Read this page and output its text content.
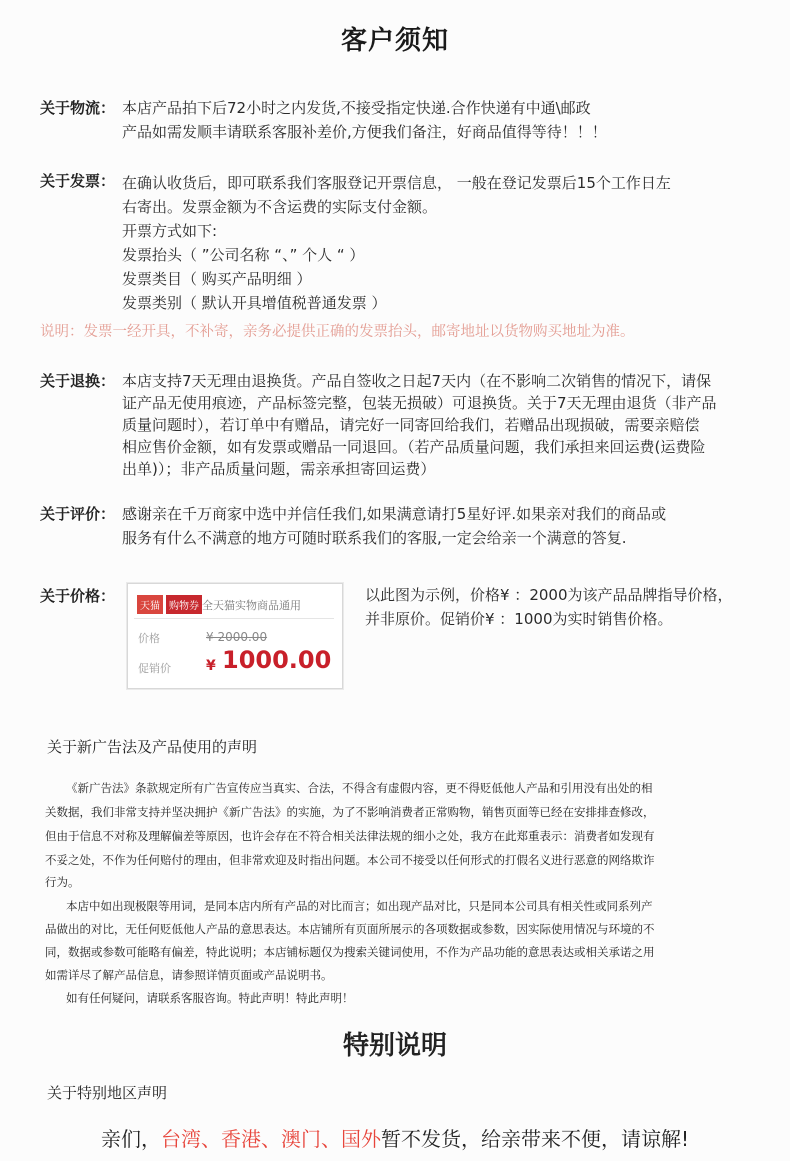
客户须知
关于物流： 本店产品拍下后72小时之内发货,不接受指定快递.合作快递有中通\邮政
产品如需发顺丰请联系客服补差价,方便我们备注，好商品值得等待！！！
关于发票： 在确认收货后，即可联系我们客服登记开票信息， 一般在登记发票后15个工作日左
右寄出。发票金额为不含运费的实际支付金额。
开票方式如下:
发票抬头（ ”公司名称 “、” 个人 “ ）
发票类目（ 购买产品明细 ）
发票类别（ 默认开具增值税普通发票 ）
说明：发票一经开具，不补寄，亲务必提供正确的发票抬头，邮寄地址以货物购买地址为准。
关于退换： 本店支持7天无理由退换货。产品自签收之日起7天内（在不影响二次销售的情况下，请保
证产品无使用痕迹，产品标签完整，包装无损破）可退换货。关于7天无理由退货（非产品
质量问题时），若订单中有赠品，请完好一同寄回给我们，若赠品出现损破，需要亲赔偿
相应售价金额，如有发票或赠品一同退回。（若产品质量问题，我们承担来回运费(运费险
出单)）；非产品质量问题，需亲承担寄回运费）
关于评价： 感谢亲在千万商家中选中并信任我们,如果满意请打5星好评.如果亲对我们的商品或
服务有什么不满意的地方可随时联系我们的客服,一定会给亲一个满意的答复.
关于价格：
天猫 购物券 全天猫实物商品通用
价格	¥ 2000.00
促销价	¥ 1000.00
以此图为示例，价格¥ ：2000为该产品品牌指导价格，
并非原价。促销价¥ ：1000为实时销售价格。
关于新广告法及产品使用的声明
《新广告法》条款规定所有广告宣传应当真实、合法，不得含有虚假内容，更不得贬低他人产品和引用没有出处的相
关数据，我们非常支持并坚决拥护《新广告法》的实施，为了不影响消费者正常购物，销售页面等已经在安排排查修改，
但由于信息不对称及理解偏差等原因，也许会存在不符合相关法律法规的细小之处，我方在此郑重表示：消费者如发现有
不妥之处，不作为任何赔付的理由，但非常欢迎及时指出问题。本公司不接受以任何形式的打假名义进行恶意的网络欺诈
行为。
本店中如出现极限等用词，是同本店内所有产品的对比而言；如出现产品对比，只是同本公司具有相关性或同系列产
品做出的对比，无任何贬低他人产品的意思表达。本店铺所有页面所展示的各项数据或参数，因实际使用情况与环境的不
同，数据或参数可能略有偏差，特此说明；本店铺标题仅为搜索关键词使用，不作为产品功能的意思表达或相关承诺之用
如需详尽了解产品信息，请参照详情页面或产品说明书。
如有任何疑问，请联系客服咨询。特此声明！特此声明！
特别说明
关于特别地区声明
亲们，台湾、香港、澳门、国外暂不发货，给亲带来不便，请谅解!
